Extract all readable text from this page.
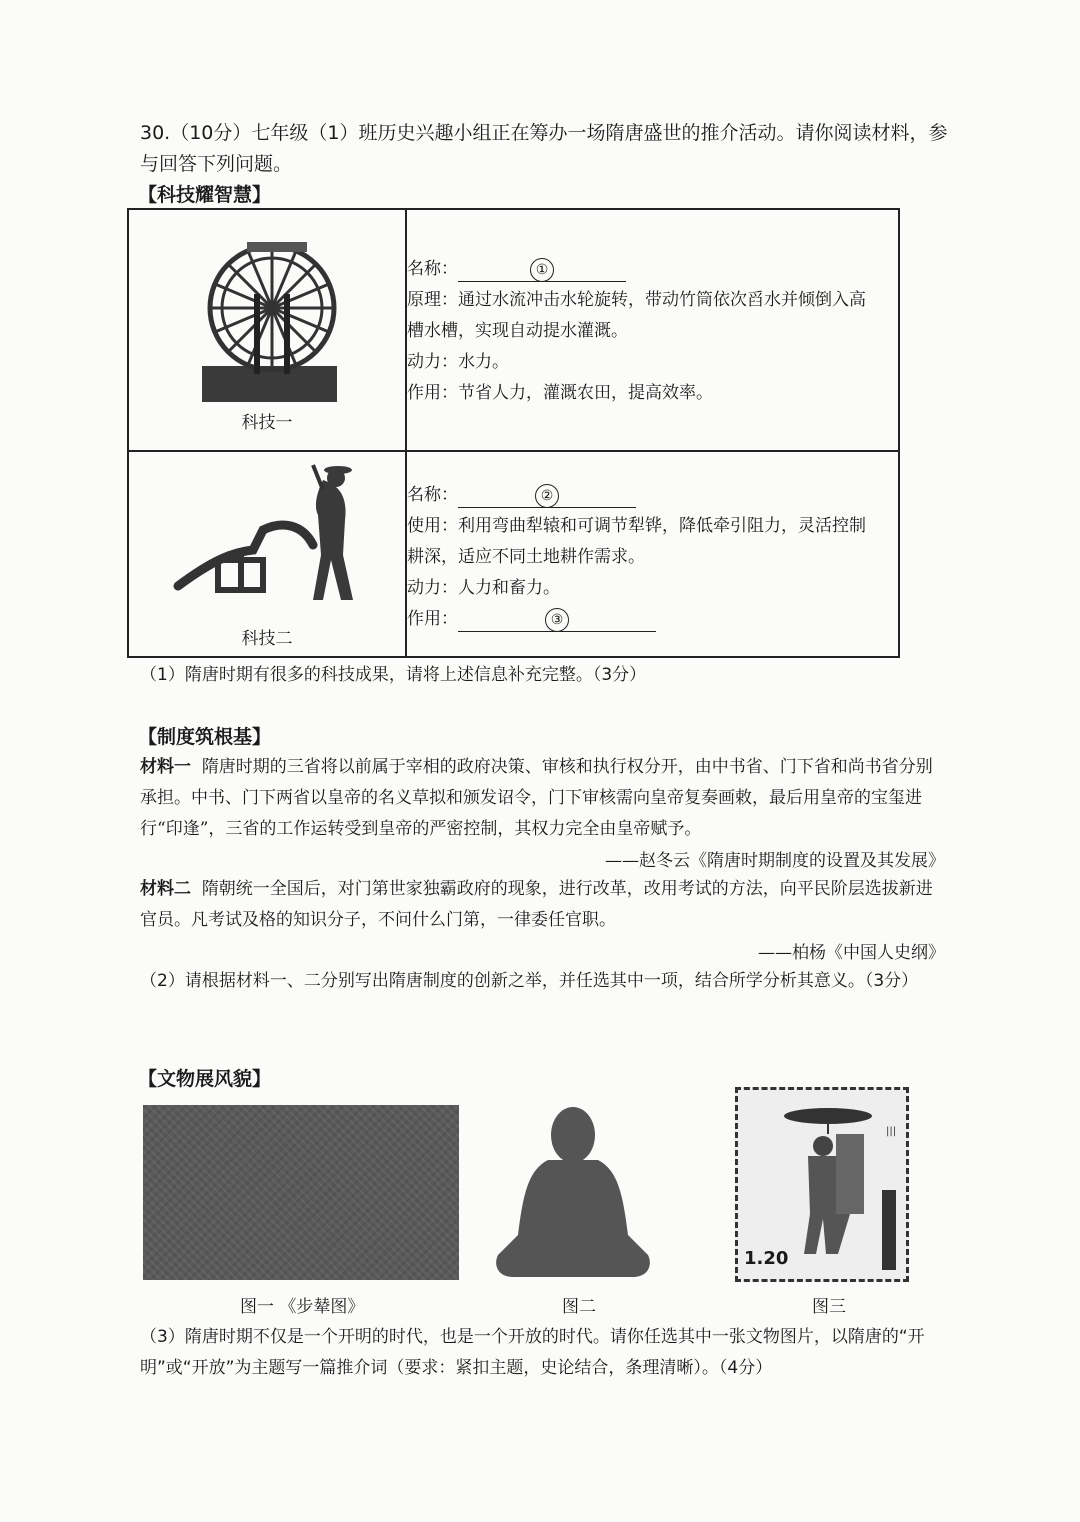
30.（10分）七年级（1）班历史兴趣小组正在筹办一场隋唐盛世的推介活动。请你阅读材料，参与回答下列问题。
【科技耀智慧】
科技一	名称： ①
原理：通过水流冲击水轮旋转，带动竹筒依次舀水并倾倒入高槽水槽，实现自动提水灌溉。
动力：水力。
作用：节省人力，灌溉农田，提高效率。

科技二	名称： ②
使用：利用弯曲犁辕和可调节犁铧，降低牵引阻力，灵活控制耕深，适应不同土地耕作需求。
动力：人力和畜力。
作用： ③
（1）隋唐时期有很多的科技成果，请将上述信息补充完整。（3分）
【制度筑根基】
材料一 隋唐时期的三省将以前属于宰相的政府决策、审核和执行权分开，由中书省、门下省和尚书省分别承担。中书、门下两省以皇帝的名义草拟和颁发诏令，门下审核需向皇帝复奏画敕，最后用皇帝的宝玺进行“印逢”，三省的工作运转受到皇帝的严密控制，其权力完全由皇帝赋予。
——赵冬云《隋唐时期制度的设置及其发展》
材料二 隋朝统一全国后，对门第世家独霸政府的现象，进行改革，改用考试的方法，向平民阶层选拔新进官员。凡考试及格的知识分子，不问什么门第，一律委任官职。
——柏杨《中国人史纲》
（2）请根据材料一、二分别写出隋唐制度的创新之举，并任选其中一项，结合所学分析其意义。（3分）
【文物展风貌】
|||
1.20
图一 《步辇图》	图二	图三
（3）隋唐时期不仅是一个开明的时代，也是一个开放的时代。请你任选其中一张文物图片，以隋唐的“开明”或“开放”为主题写一篇推介词（要求：紧扣主题，史论结合，条理清晰）。（4分）
